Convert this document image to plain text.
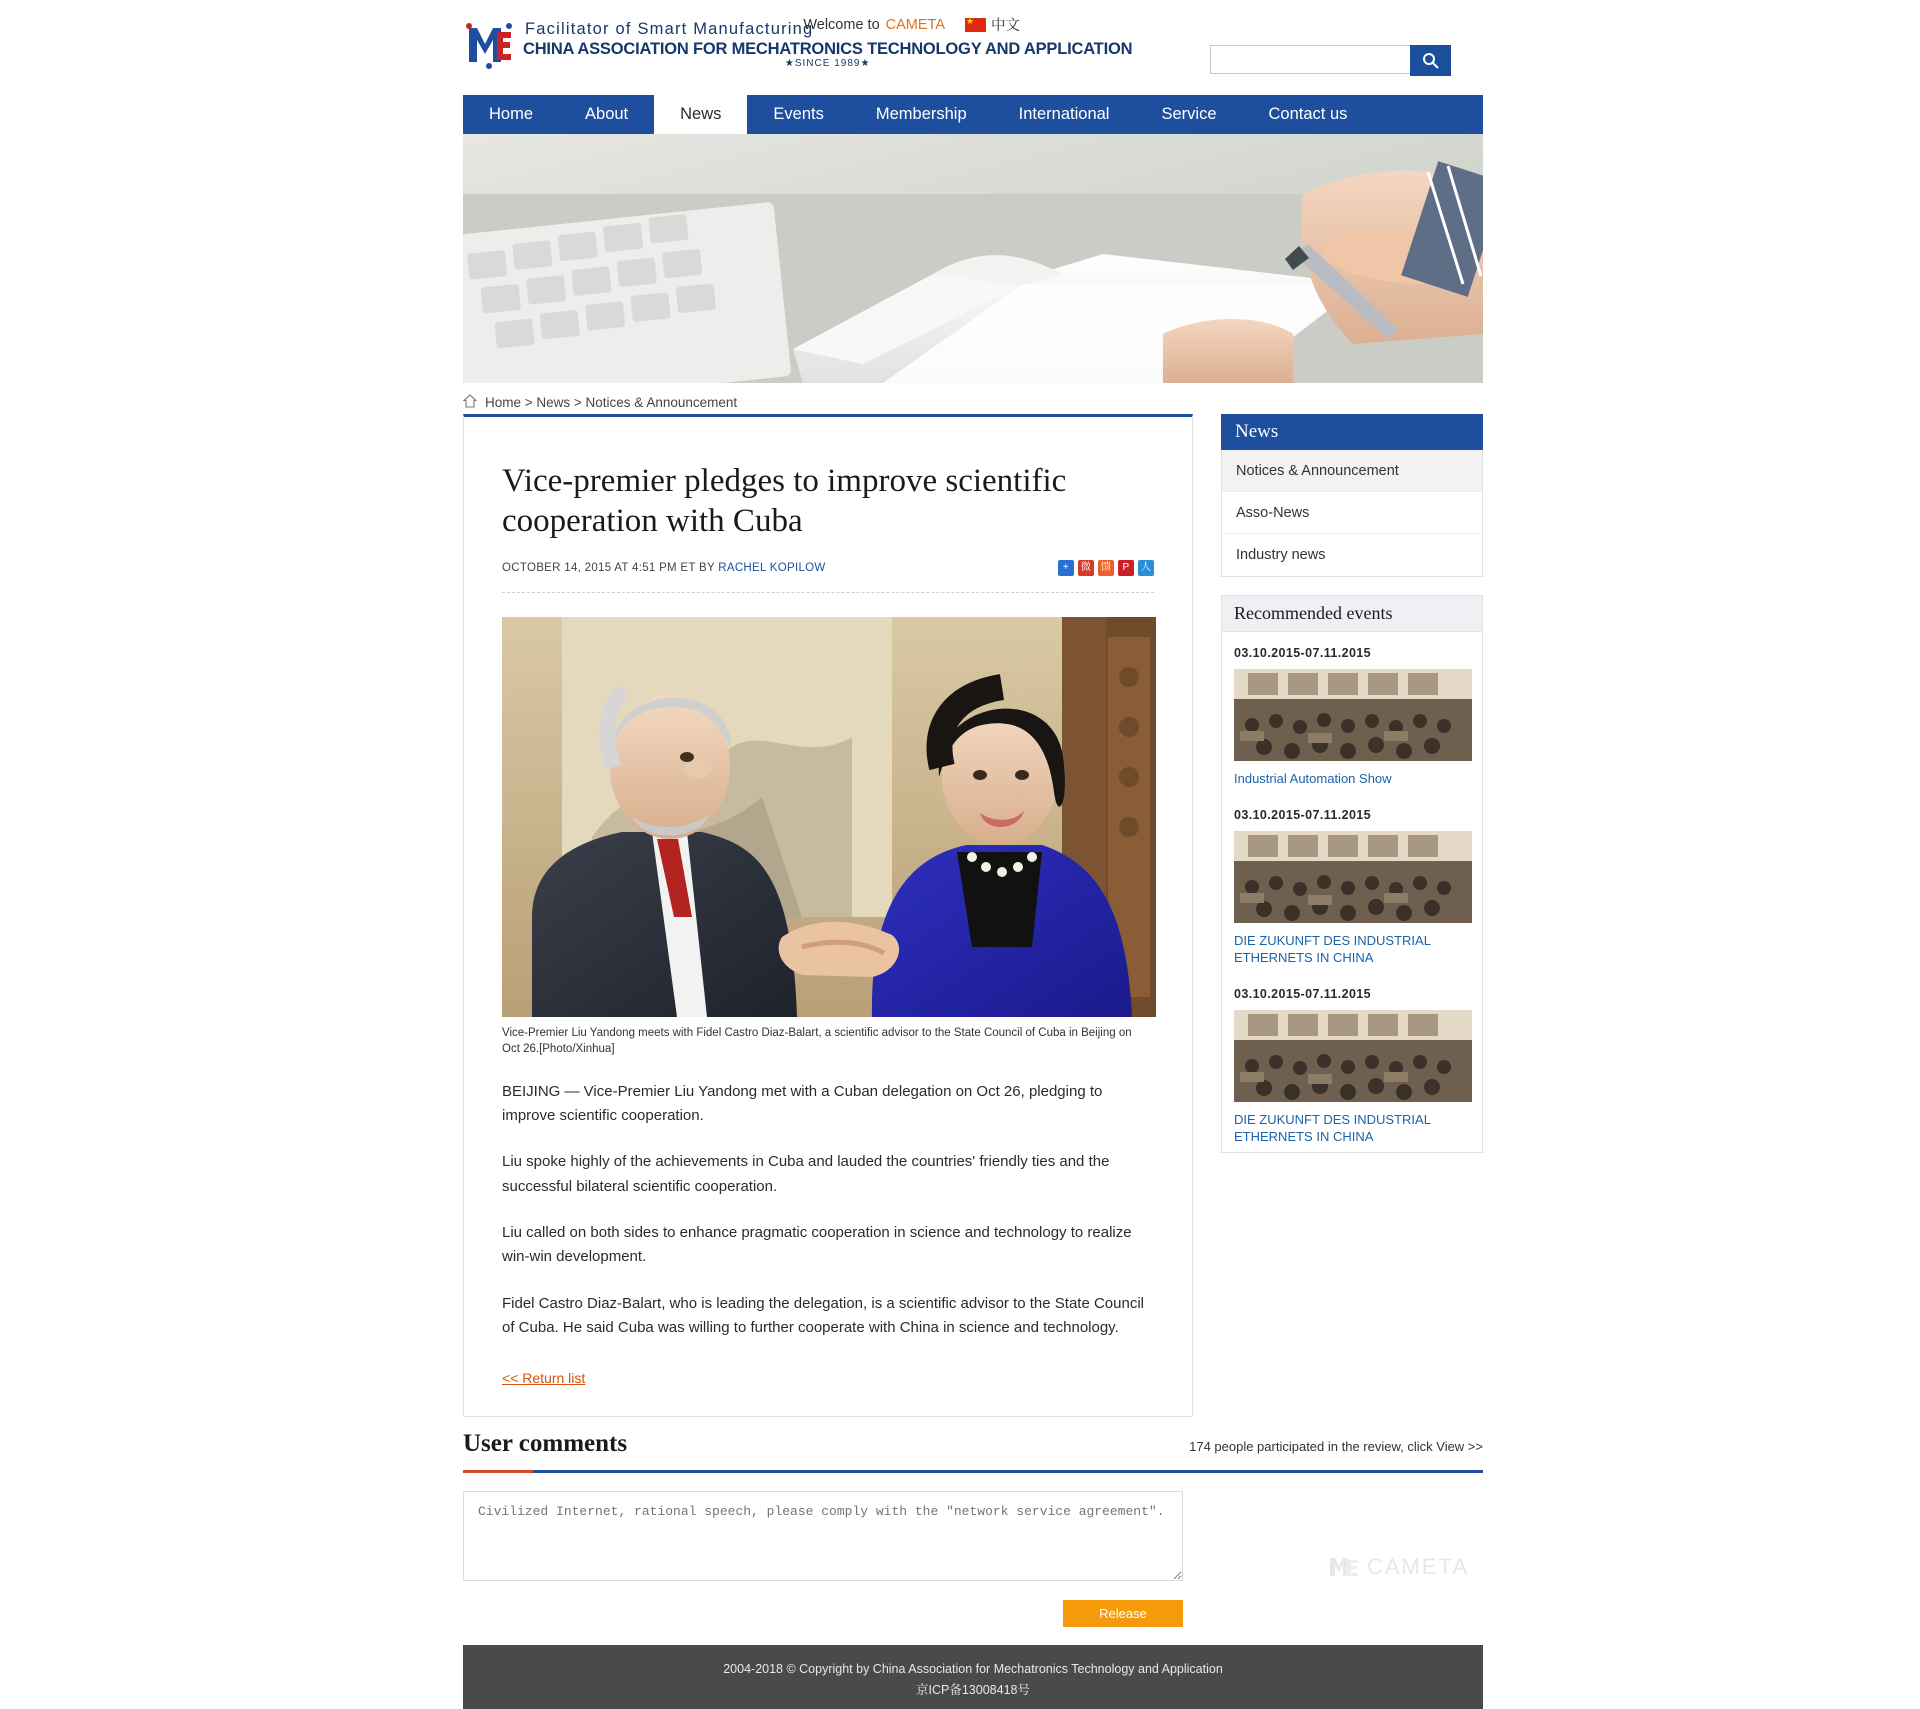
Facilitator of Smart Manufacturing
CHINA ASSOCIATION FOR MECHATRONICS TECHNOLOGY AND APPLICATION
★SINCE 1989★
Welcome to CAMETA ★	中文
Home	About	News	Events	Membership	International	Service	Contact us
Home > News > Notices & Announcement
Vice-premier pledges to improve scientific cooperation with Cuba
OCTOBER 14, 2015 AT 4:51 PM ET BY RACHEL KOPILOW	+	微 馈	P	人
Vice-Premier Liu Yandong meets with Fidel Castro Diaz-Balart, a scientific advisor to the State Council of Cuba in Beijing on Oct 26.[Photo/Xinhua]

BEIJING — Vice-Premier Liu Yandong met with a Cuban delegation on Oct 26, pledging to improve scientific cooperation.

Liu spoke highly of the achievements in Cuba and lauded the countries' friendly ties and the successful bilateral scientific cooperation.

Liu called on both sides to enhance pragmatic cooperation in science and technology to realize win-win development.

Fidel Castro Diaz-Balart, who is leading the delegation, is a scientific advisor to the State Council of Cuba. He said Cuba was willing to further cooperate with China in science and technology.

<< Return list
News
Notices & Announcement
Asso-News
Industry news
Recommended events
03.10.2015-07.11.2015
Industrial Automation Show
03.10.2015-07.11.2015
DIE ZUKUNFT DES INDUSTRIAL ETHERNETS IN CHINA
03.10.2015-07.11.2015
DIE ZUKUNFT DES INDUSTRIAL ETHERNETS IN CHINA
User comments	174 people participated in the review, click View >>
Civilized Internet, rational speech, please comply with the "network service agreement".
CAMETA
Release
2004-2018 © Copyright by China Association for Mechatronics Technology and Application
京ICP备13008418号
